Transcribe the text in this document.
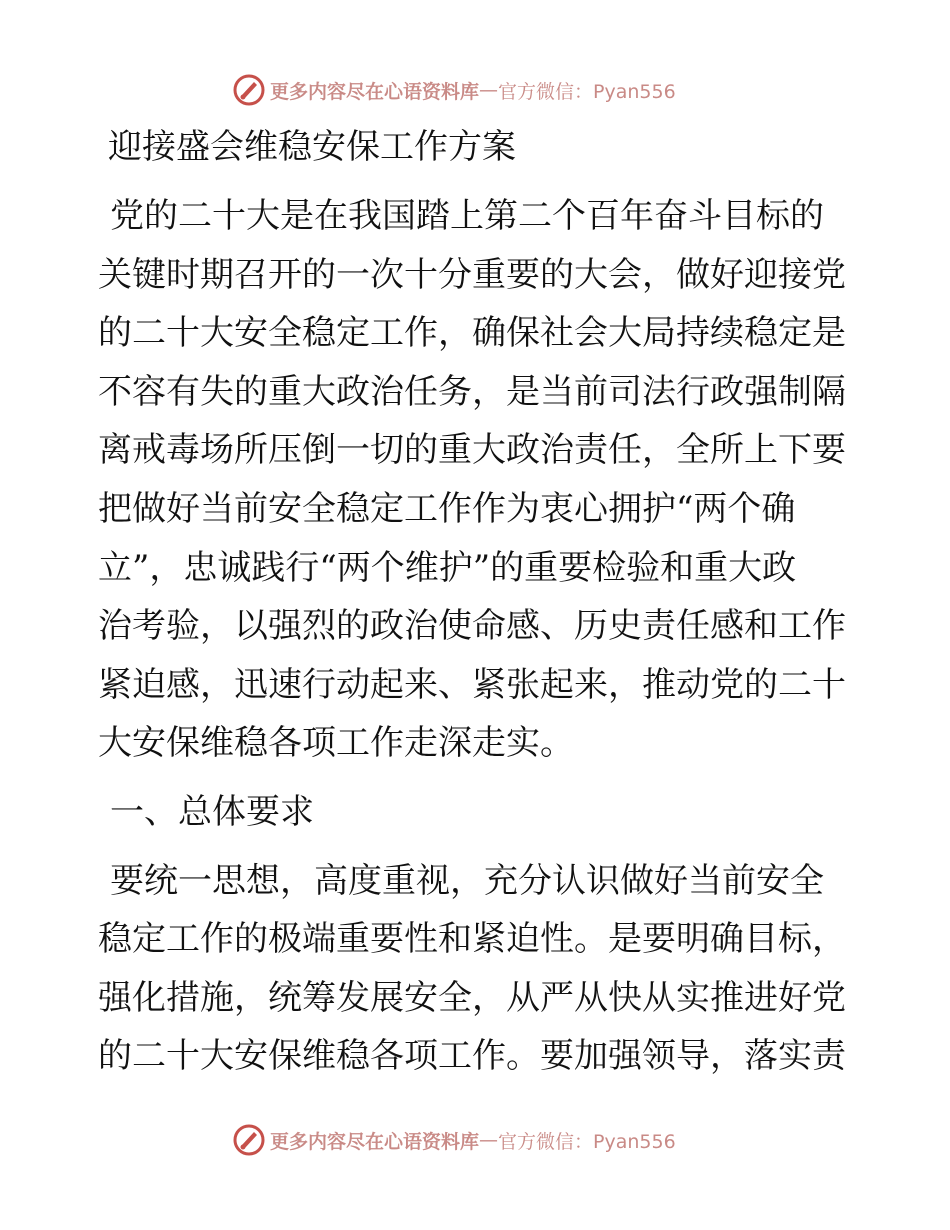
更多内容尽在心语资料库 — 官方微信：Pyan556
迎接盛会维稳安保工作方案
党的二十大是在我国踏上第二个百年奋斗目标的
关键时期召开的一次十分重要的大会，做好迎接党
的二十大安全稳定工作，确保社会大局持续稳定是
不容有失的重大政治任务，是当前司法行政强制隔
离戒毒场所压倒一切的重大政治责任，全所上下要
把做好当前安全稳定工作作为衷心拥护“两个确
立”，忠诚践行“两个维护”的重要检验和重大政
治考验，以强烈的政治使命感、历史责任感和工作
紧迫感，迅速行动起来、紧张起来，推动党的二十
大安保维稳各项工作走深走实。
一、总体要求
要统一思想，高度重视，充分认识做好当前安全
稳定工作的极端重要性和紧迫性。是要明确目标，
强化措施，统筹发展安全，从严从快从实推进好党
的二十大安保维稳各项工作。要加强领导，落实责
更多内容尽在心语资料库 — 官方微信：Pyan556
